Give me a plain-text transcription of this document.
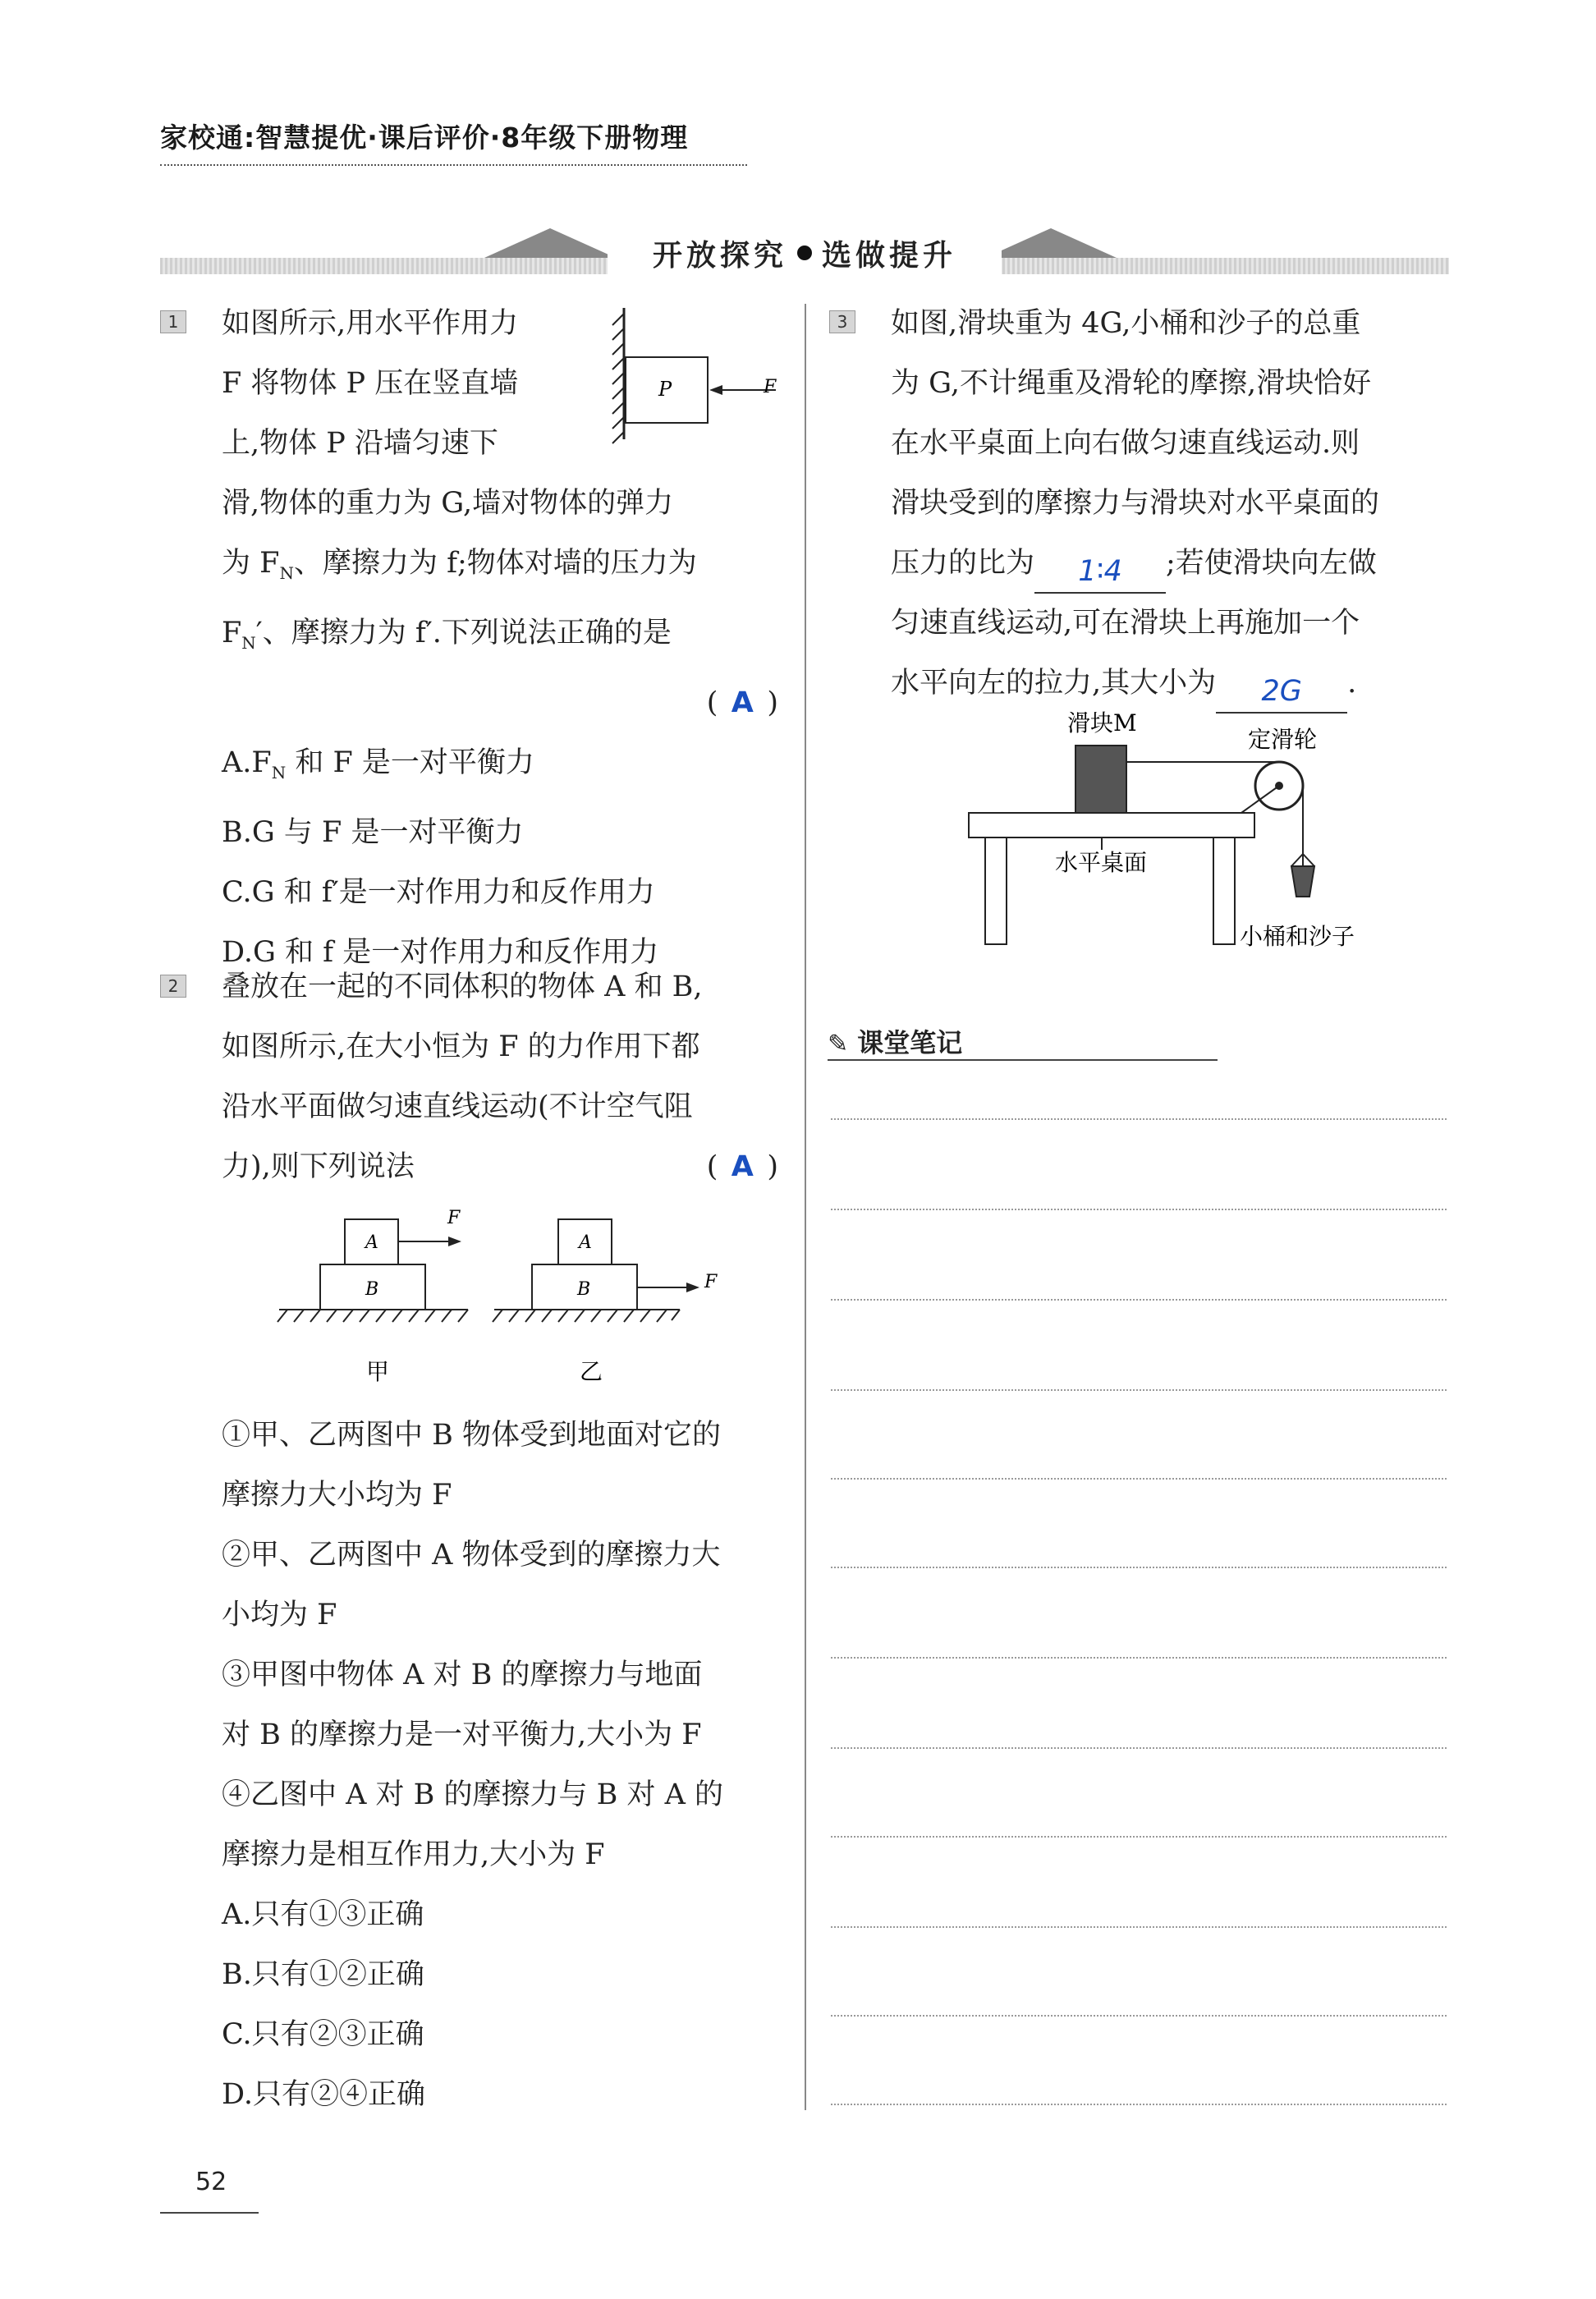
家校通:智慧提优·课后评价·8年级下册物理
开放探究 选做提升
1 如图所示,用水平作用力
F 将物体 P 压在竖直墙
上,物体 P 沿墙匀速下
滑,物体的重力为 G,墙对物体的弹力
为 $F_N$、摩擦力为 f;物体对墙的压力为
$F_N'$、摩擦力为 f′.下列说法正确的是
( A )
$A.F_N$ 和 F 是一对平衡力
B.G 与 F 是一对平衡力
C.G 和 f′是一对作用力和反作用力
D.G 和 f 是一对作用力和反作用力
P	F
2 叠放在一起的不同体积的物体 A 和 B,
如图所示,在大小恒为 F 的力作用下都
沿水平面做匀速直线运动(不计空气阻
力),则下列说法	( A )
A
B
F
甲
A
B	F
乙
①甲、乙两图中 B 物体受到地面对它的
摩擦力大小均为 F
②甲、乙两图中 A 物体受到的摩擦力大
小均为 F
③甲图中物体 A 对 B 的摩擦力与地面
对 B 的摩擦力是一对平衡力,大小为 F
④乙图中 A 对 B 的摩擦力与 B 对 A 的
摩擦力是相互作用力,大小为 F
A.只有①③正确
B.只有①②正确
C.只有②③正确
D.只有②④正确
3 如图,滑块重为 4G,小桶和沙子的总重
为 G,不计绳重及滑轮的摩擦,滑块恰好
在水平桌面上向右做匀速直线运动.则
滑块受到的摩擦力与滑块对水平桌面的
压力的比为 1∶4 ;若使滑块向左做
匀速直线运动,可在滑块上再施加一个
水平向左的拉力,其大小为 2G .
滑块M
定滑轮
水平桌面
小桶和沙子
✎ 课堂笔记
52
